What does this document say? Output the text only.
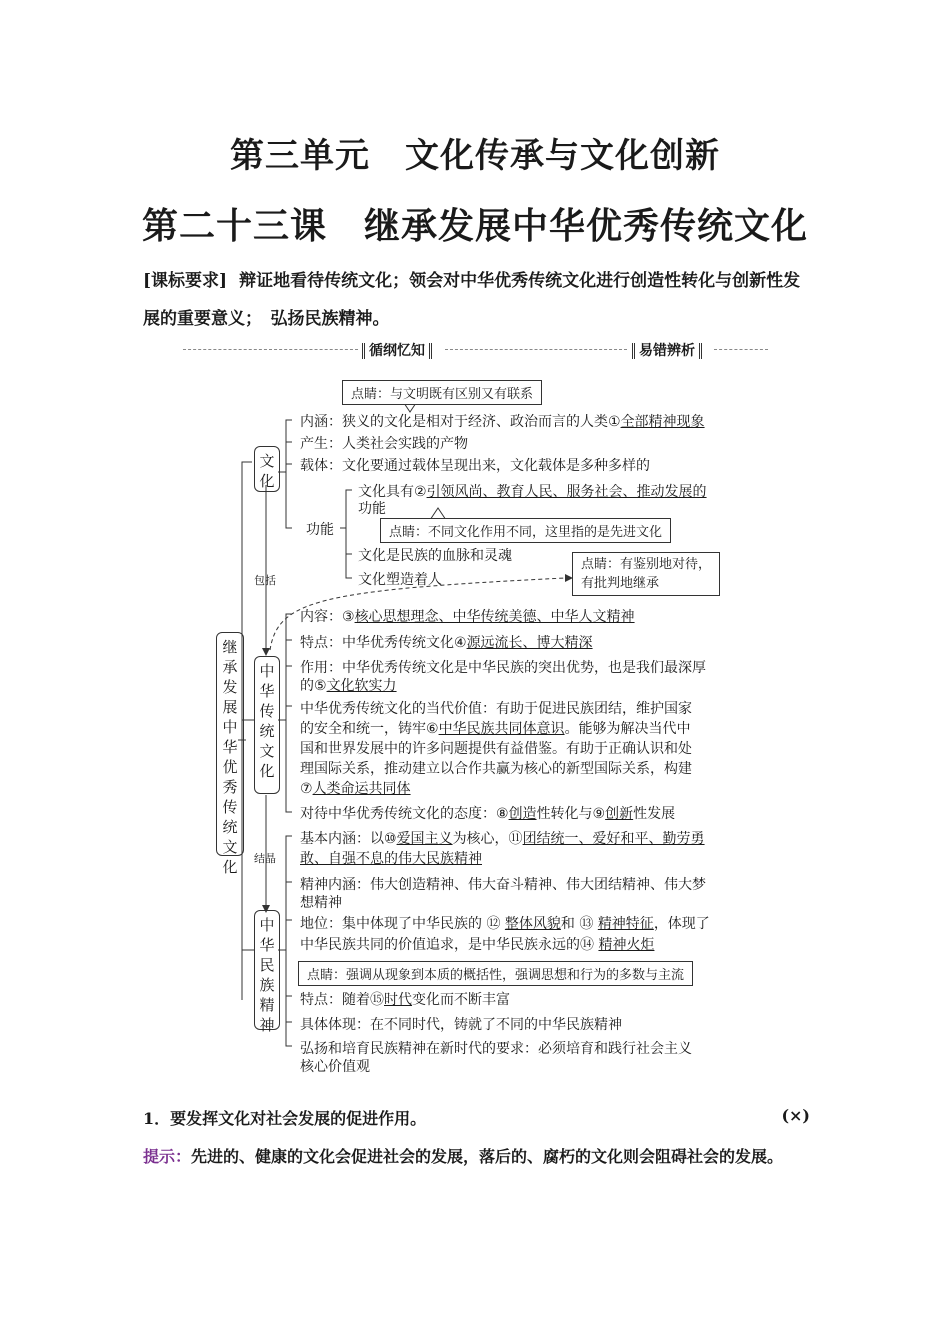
第三单元　文化传承与文化创新
第二十三课　继承发展中华优秀传统文化
[课标要求] 辩证地看待传统文化；领会对中华优秀传统文化进行创造性转化与创新性发展的重要意义；　弘扬民族精神。
循纲忆知	易错辨析
继承发展中华优秀传统文化
包括
结晶
文化
点睛：与文明既有区别又有联系
内涵：狭义的文化是相对于经济、政治而言的人类①全部精神现象
产生：人类社会实践的产物
载体：文化要通过载体呈现出来，文化载体是多种多样的
功能
文化具有②引领风尚、教育人民、服务社会、推动发展的
功能
点睛：不同文化作用不同，这里指的是先进文化
文化是民族的血脉和灵魂
文化塑造着人
点睛：有鉴别地对待，
有批判地继承
中华传统文化
内容：③核心思想理念、中华传统美德、中华人文精神
特点：中华优秀传统文化④源远流长、博大精深
作用：中华优秀传统文化是中华民族的突出优势，也是我们最深厚
的⑤文化软实力
中华优秀传统文化的当代价值：有助于促进民族团结，维护国家
的安全和统一，铸牢⑥中华民族共同体意识。能够为解决当代中
国和世界发展中的许多问题提供有益借鉴。有助于正确认识和处
理国际关系，推动建立以合作共赢为核心的新型国际关系，构建
⑦人类命运共同体
对待中华优秀传统文化的态度：⑧创造性转化与⑨创新性发展
中华民族精神
基本内涵：以⑩爱国主义为核心，⑪团结统一、爱好和平、勤劳勇
敢、自强不息的伟大民族精神
精神内涵：伟大创造精神、伟大奋斗精神、伟大团结精神、伟大梦
想精神
地位：集中体现了中华民族的 ⑫ 整体风貌和 ⑬ 精神特征，体现了
中华民族共同的价值追求，是中华民族永远的⑭ 精神火炬
点睛：强调从现象到本质的概括性，强调思想和行为的多数与主流
特点：随着⑮时代变化而不断丰富
具体体现：在不同时代，铸就了不同的中华民族精神
弘扬和培育民族精神在新时代的要求：必须培育和践行社会主义
核心价值观
1．要发挥文化对社会发展的促进作用。	(×)
提示：先进的、健康的文化会促进社会的发展，落后的、腐朽的文化则会阻碍社会的发展。
